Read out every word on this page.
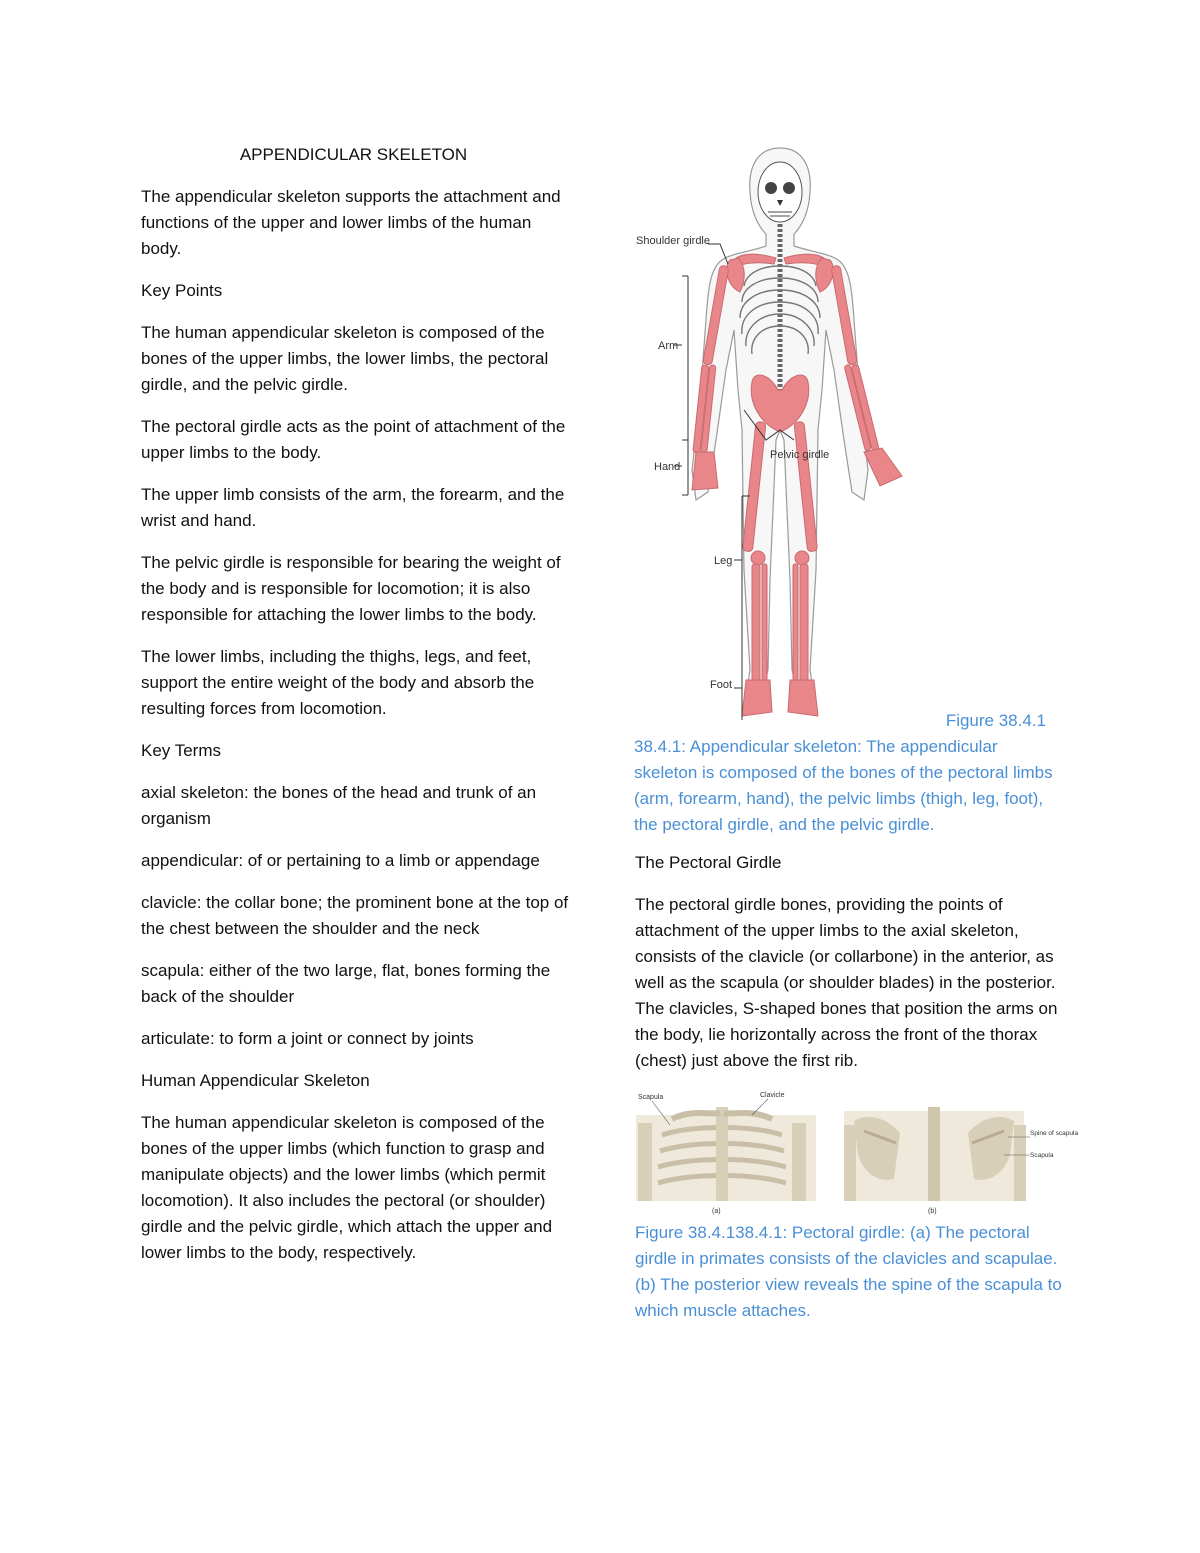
APPENDICULAR SKELETON

The appendicular skeleton supports the attachment and functions of the upper and lower limbs of the human body.

Key Points

The human appendicular skeleton is composed of the bones of the upper limbs, the lower limbs, the pectoral girdle, and the pelvic girdle.

The pectoral girdle acts as the point of attachment of the upper limbs to the body.

The upper limb consists of the arm, the forearm, and the wrist and hand.

The pelvic girdle is responsible for bearing the weight of the body and is responsible for locomotion; it is also responsible for attaching the lower limbs to the body.

The lower limbs, including the thighs, legs, and feet, support the entire weight of the body and absorb the resulting forces from locomotion.

Key Terms

axial skeleton: the bones of the head and trunk of an organism

appendicular: of or pertaining to a limb or appendage

clavicle: the collar bone; the prominent bone at the top of the chest between the shoulder and the neck

scapula: either of the two large, flat, bones forming the back of the shoulder

articulate: to form a joint or connect by joints

Human Appendicular Skeleton

The human appendicular skeleton is composed of the bones of the upper limbs (which function to grasp and manipulate objects) and the lower limbs (which permit locomotion). It also includes the pectoral (or shoulder) girdle and the pelvic girdle, which attach the upper and lower limbs to the body, respectively.

Shoulder girdle
Arm
Hand
Pelvic girdle
Leg
Foot
Figure 38.4.1
38.4.1: Appendicular skeleton: The appendicular skeleton is composed of the bones of the pectoral limbs (arm, forearm, hand), the pelvic limbs (thigh, leg, foot), the pectoral girdle, and the pelvic girdle.

The Pectoral Girdle

The pectoral girdle bones, providing the points of attachment of the upper limbs to the axial skeleton, consists of the clavicle (or collarbone) in the anterior, as well as the scapula (or shoulder blades) in the posterior. The clavicles, S-shaped bones that position the arms on the body, lie horizontally across the front of the thorax (chest) just above the first rib.

Scapula	Clavicle
(a)
Spine of scapula
Scapula
(b)
Figure 38.4.138.4.1: Pectoral girdle: (a) The pectoral girdle in primates consists of the clavicles and scapulae. (b) The posterior view reveals the spine of the scapula to which muscle attaches.
